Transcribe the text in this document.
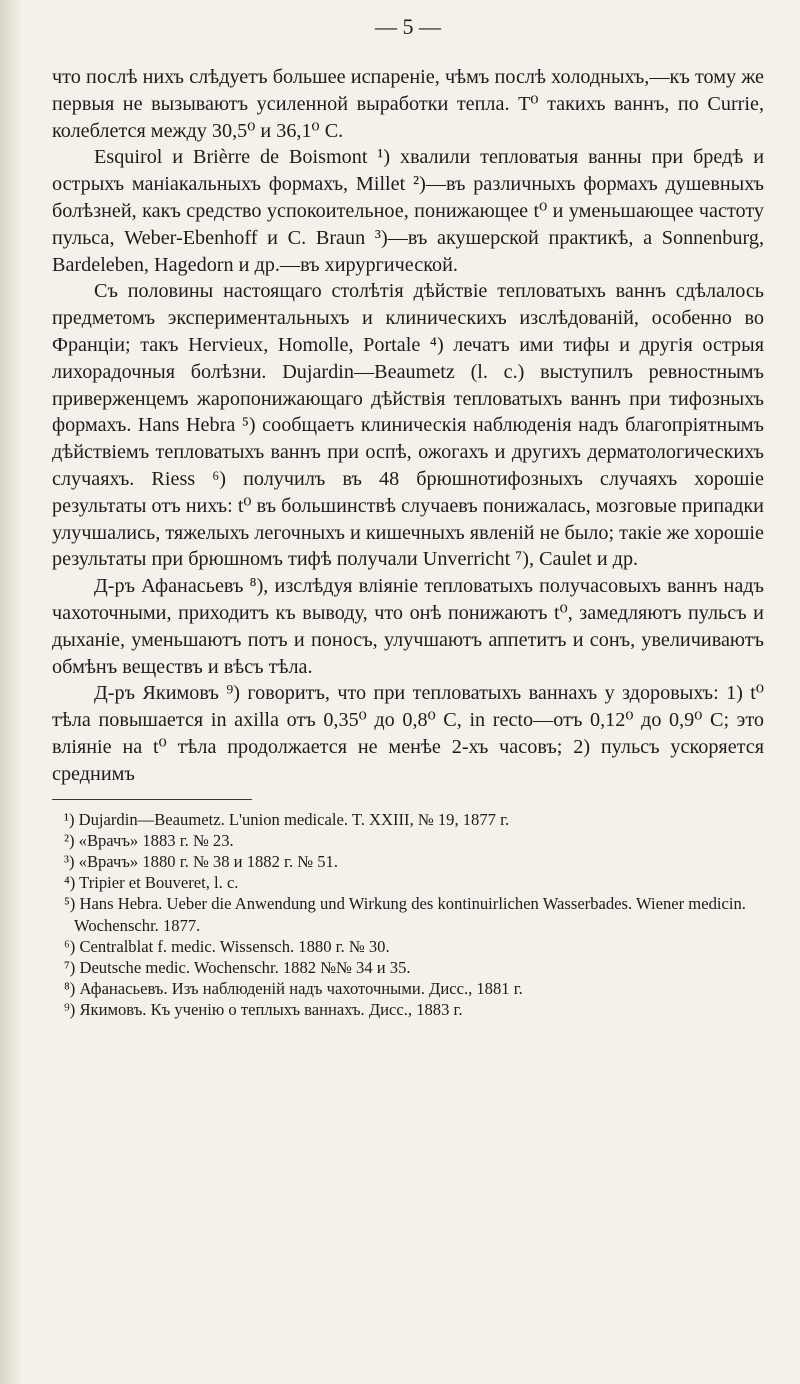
— 5 —

что послѣ нихъ слѣдуетъ большее испареніе, чѣмъ послѣ холодныхъ,—къ тому же первыя не вызываютъ усиленной выработки тепла. T⁰ такихъ ваннъ, по Currie, колеблется между 30,5⁰ и 36,1⁰ C.

Esquirol и Brièrre de Boismont ¹) хвалили тепловатыя ванны при бредѣ и острыхъ маніакальныхъ формахъ, Millet ²)—въ различныхъ формахъ душевныхъ болѣзней, какъ средство успокоительное, понижающее t⁰ и уменьшающее частоту пульса, Weber-Ebenhoff и C. Braun ³)—въ акушерской практикѣ, а Sonnenburg, Bardeleben, Hagedorn и др.—въ хирургической.

Съ половины настоящаго столѣтія дѣйствіе тепловатыхъ ваннъ сдѣлалось предметомъ экспериментальныхъ и клиническихъ изслѣдованій, особенно во Франціи; такъ Hervieux, Homolle, Portale ⁴) лечатъ ими тифы и другія острыя лихорадочныя болѣзни. Dujardin—Beaumetz (l. c.) выступилъ ревностнымъ приверженцемъ жаропонижающаго дѣйствія тепловатыхъ ваннъ при тифозныхъ формахъ. Hans Hebra ⁵) сообщаетъ клиническія наблюденія надъ благопріятнымъ дѣйствіемъ тепловатыхъ ваннъ при оспѣ, ожогахъ и другихъ дерматологическихъ случаяхъ. Riess ⁶) получилъ въ 48 брюшнотифозныхъ случаяхъ хорошіе результаты отъ нихъ: t⁰ въ большинствѣ случаевъ понижалась, мозговые припадки улучшались, тяжелыхъ легочныхъ и кишечныхъ явленій не было; такіе же хорошіе результаты при брюшномъ тифѣ получали Unverricht ⁷), Caulet и др.

Д-ръ Афанасьевъ ⁸), изслѣдуя вліяніе тепловатыхъ получасовыхъ ваннъ надъ чахоточными, приходитъ къ выводу, что онѣ понижаютъ t⁰, замедляютъ пульсъ и дыханіе, уменьшаютъ потъ и поносъ, улучшаютъ аппетитъ и сонъ, увеличиваютъ обмѣнъ веществъ и вѣсъ тѣла.

Д-ръ Якимовъ ⁹) говоритъ, что при тепловатыхъ ваннахъ у здоровыхъ: 1) t⁰ тѣла повышается in axilla отъ 0,35⁰ до 0,8⁰ C, in recto—отъ 0,12⁰ до 0,9⁰ C; это вліяніе на t⁰ тѣла продолжается не менѣе 2-хъ часовъ; 2) пульсъ ускоряется среднимъ

¹) Dujardin—Beaumetz. L'union medicale. T. XXIII, № 19, 1877 г.

²) «Врачъ» 1883 г. № 23.

³) «Врачъ» 1880 г. № 38 и 1882 г. № 51.

⁴) Tripier et Bouveret, l. c.

⁵) Hans Hebra. Ueber die Anwendung und Wirkung des kontinuirlichen Wasserbades. Wiener medicin. Wochenschr. 1877.

⁶) Centralblat f. medic. Wissensch. 1880 г. № 30.

⁷) Deutsche medic. Wochenschr. 1882 №№ 34 и 35.

⁸) Афанасьевъ. Изъ наблюденій надъ чахоточными. Дисс., 1881 г.

⁹) Якимовъ. Къ ученію о теплыхъ ваннахъ. Дисс., 1883 г.
